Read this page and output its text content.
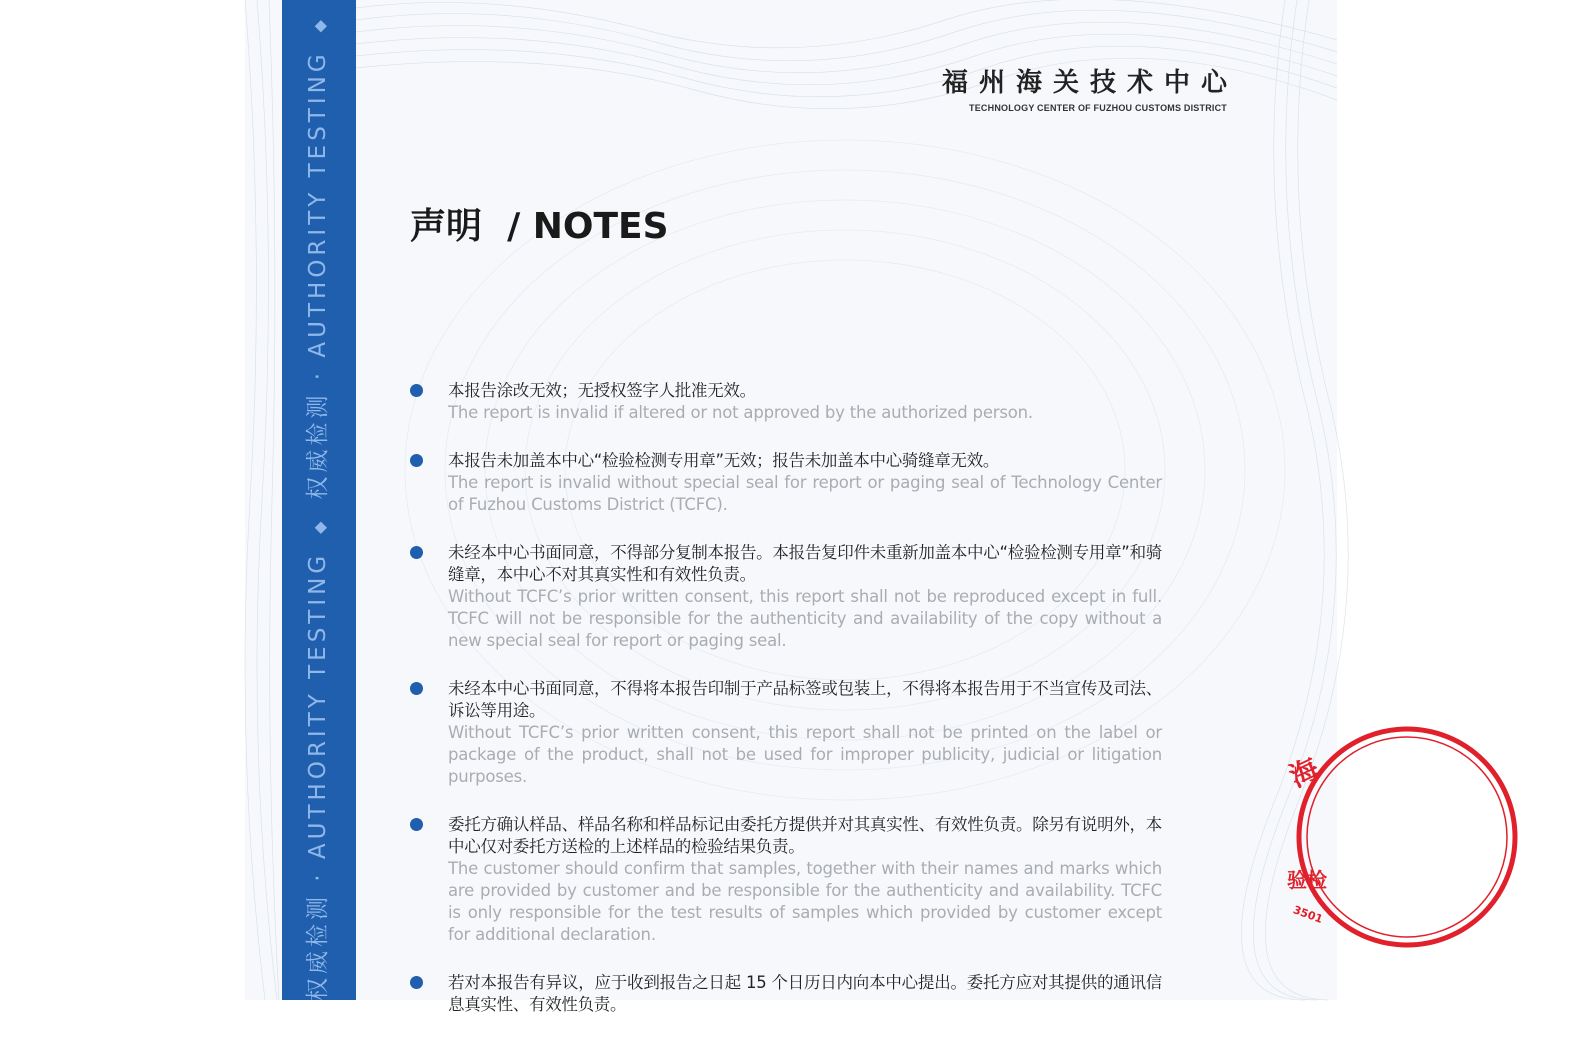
权威检测 · AUTHORITY TESTING◆权威检测 · AUTHORITY TESTING◆
福州海关技术中心
TECHNOLOGY CENTER OF FUZHOU CUSTOMS DISTRICT
声明  / NOTES
本报告涂改无效；无授权签字人批准无效。
The report is invalid if altered or not approved by the authorized person.
本报告未加盖本中心“检验检测专用章”无效；报告未加盖本中心骑缝章无效。
The report is invalid without special seal for report or paging seal of Technology Center of Fuzhou Customs District (TCFC).
未经本中心书面同意，不得部分复制本报告。本报告复印件未重新加盖本中心“检验检测专用章”和骑缝章，本中心不对其真实性和有效性负责。
Without TCFC’s prior written consent, this report shall not be reproduced except in full. TCFC will not be responsible for the authenticity and availability of the copy without a new special seal for report or paging seal.
未经本中心书面同意，不得将本报告印制于产品标签或包装上，不得将本报告用于不当宣传及司法、诉讼等用途。
Without TCFC’s prior written consent, this report shall not be printed on the label or package of the product, shall not be used for improper publicity, judicial or litigation purposes.
委托方确认样品、样品名称和样品标记由委托方提供并对其真实性、有效性负责。除另有说明外，本中心仅对委托方送检的上述样品的检验结果负责。
The customer should confirm that samples, together with their names and marks which are provided by customer and be responsible for the authenticity and availability. TCFC is only responsible for the test results of samples which provided by customer except for additional declaration.
若对本报告有异议，应于收到报告之日起 15 个日历日内向本中心提出。委托方应对其提供的通讯信息真实性、有效性负责。
海
验检
3501
